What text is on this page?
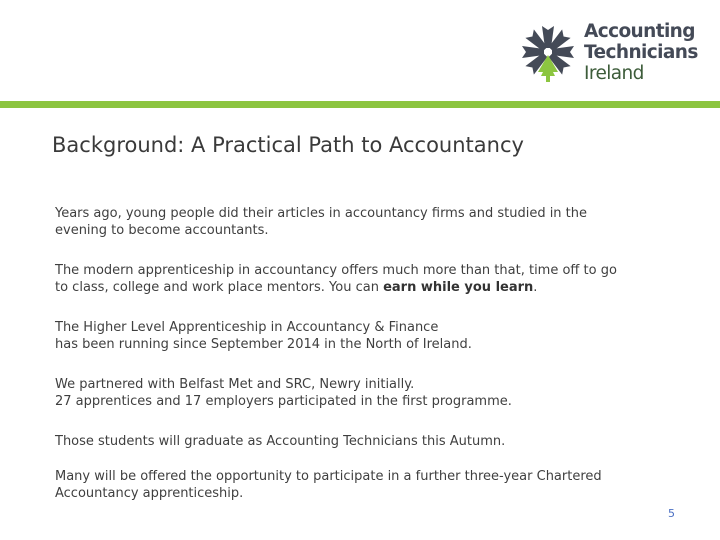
Accounting
Technicians
Ireland
Background: A Practical Path to Accountancy

Years ago, young people did their articles in accountancy firms and studied in the
evening to become accountants.

The modern apprenticeship in accountancy offers much more than that, time off to go
to class, college and work place mentors. You can earn while you learn.

The Higher Level Apprenticeship in Accountancy & Finance
has been running since September 2014 in the North of Ireland.

We partnered with Belfast Met and SRC, Newry initially.
27 apprentices and 17 employers participated in the first programme.

Those students will graduate as Accounting Technicians this Autumn.

Many will be offered the opportunity to participate in a further three-year Chartered
Accountancy apprenticeship.

5
